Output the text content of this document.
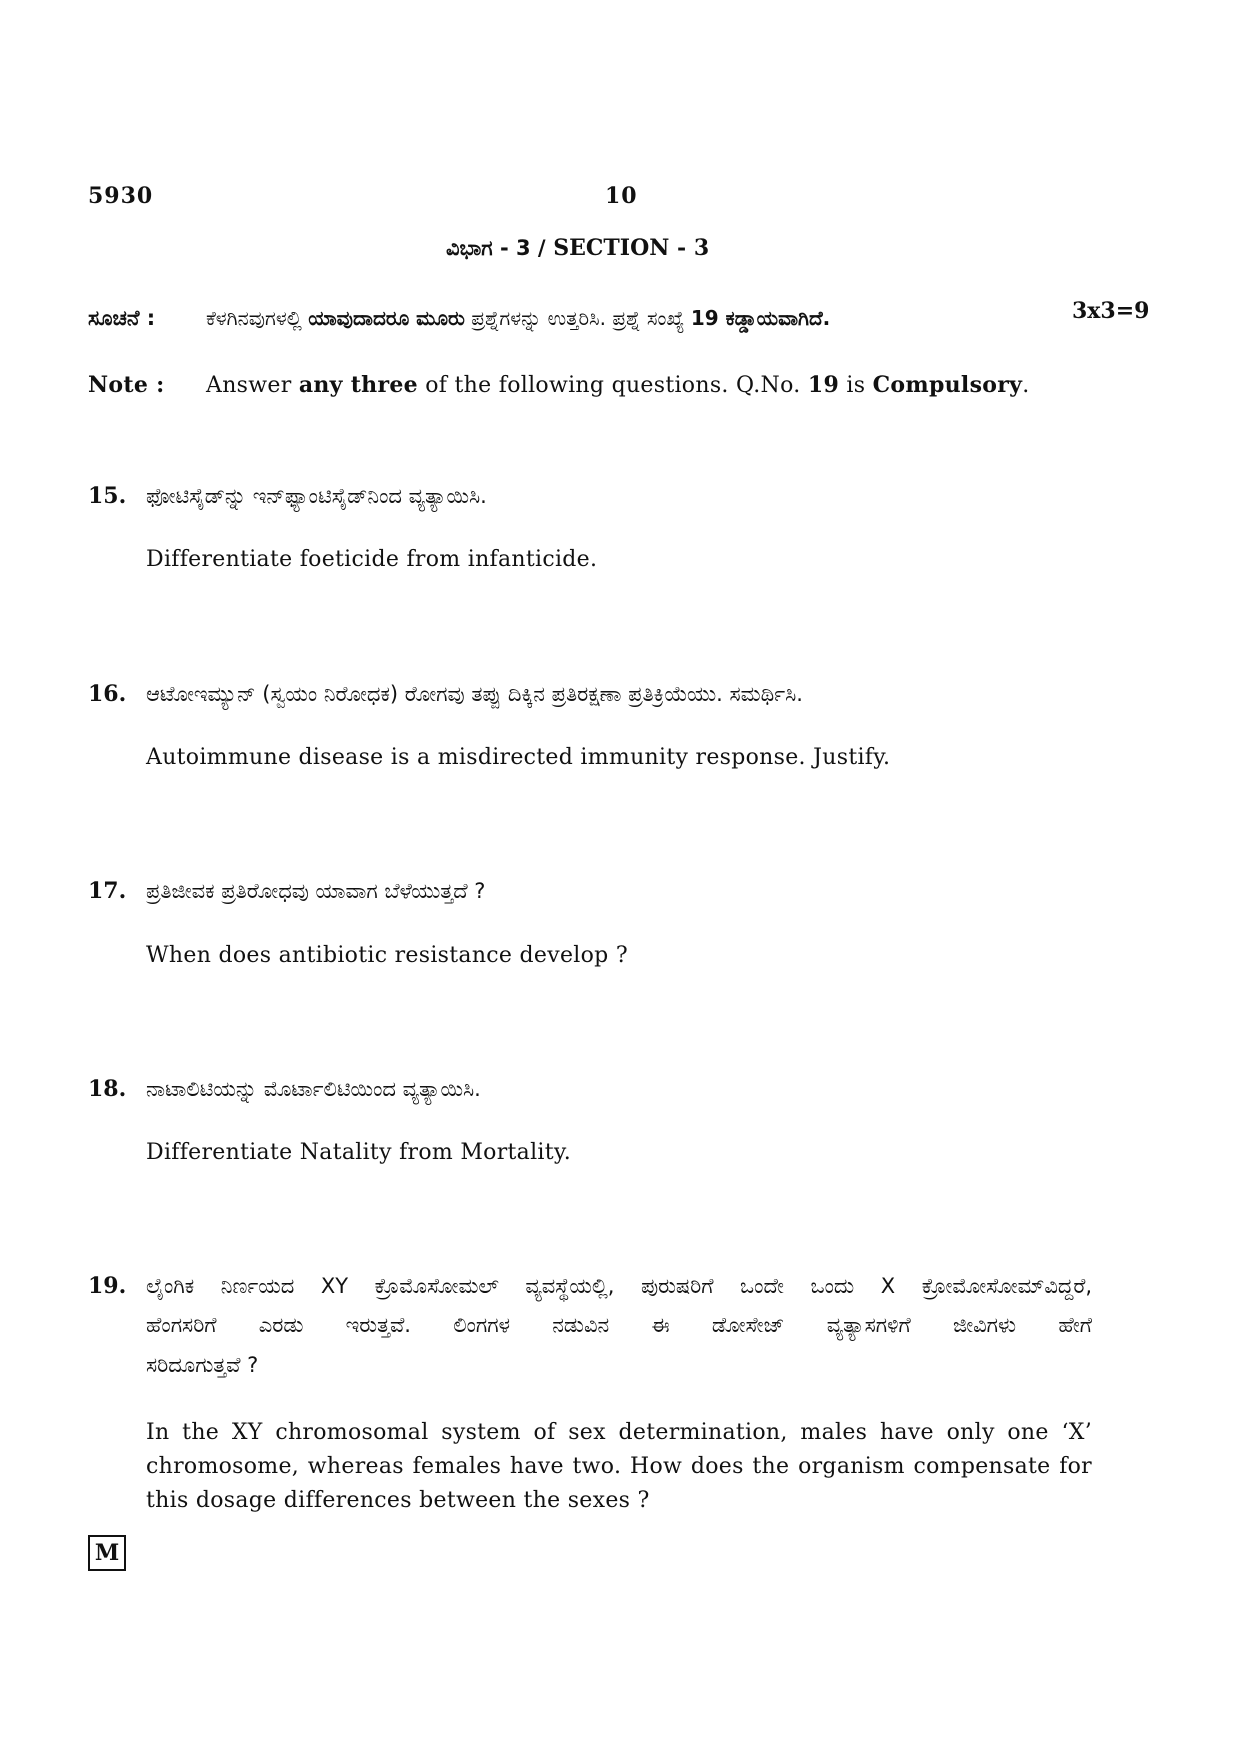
5930	10
ವಿಭಾಗ - 3 / SECTION - 3
ಸೂಚನೆ :	ಕೆಳಗಿನವುಗಳಲ್ಲಿ ಯಾವುದಾದರೂ ಮೂರು ಪ್ರಶ್ನೆಗಳನ್ನು ಉತ್ತರಿಸಿ. ಪ್ರಶ್ನೆ ಸಂಖ್ಯೆ 19 ಕಡ್ಡಾಯವಾಗಿದೆ.	3x3=9
Note : Answer any three of the following questions. Q.No. 19 is Compulsory.
15. ಫೋಟಿಸೈಡ್‌ನ್ನು ಇನ್‌ಫ್ಯಾಂಟಿಸೈಡ್‌ನಿಂದ ವ್ಯತ್ಯಾಯಿಸಿ.
Differentiate foeticide from infanticide.
16. ಆಟೋಇಮ್ಯುನ್ (ಸ್ವಯಂ ನಿರೋಧಕ) ರೋಗವು ತಪ್ಪು ದಿಕ್ಕಿನ ಪ್ರತಿರಕ್ಷಣಾ ಪ್ರತಿಕ್ರಿಯೆಯು. ಸಮರ್ಥಿಸಿ.
Autoimmune disease is a misdirected immunity response. Justify.
17. ಪ್ರತಿಜೀವಕ ಪ್ರತಿರೋಧವು ಯಾವಾಗ ಬೆಳೆಯುತ್ತದೆ ?
When does antibiotic resistance develop ?
18. ನಾಟಾಲಿಟಿಯನ್ನು ಮೊರ್ಟಾಲಿಟಿಯಿಂದ ವ್ಯತ್ಯಾಯಿಸಿ.
Differentiate Natality from Mortality.
19. ಲೈಂಗಿಕ ನಿರ್ಣಯದ XY ಕ್ರೊಮೊಸೋಮಲ್ ವ್ಯವಸ್ಥೆಯಲ್ಲಿ, ಪುರುಷರಿಗೆ ಒಂದೇ ಒಂದು X ಕ್ರೋಮೋಸೋಮ್‌ವಿದ್ದರೆ,
ಹೆಂಗಸರಿಗೆ ಎರಡು ಇರುತ್ತವೆ. ಲಿಂಗಗಳ ನಡುವಿನ ಈ ಡೋಸೇಜ್ ವ್ಯತ್ಯಾಸಗಳಿಗೆ ಜೀವಿಗಳು ಹೇಗೆ
ಸರಿದೂಗುತ್ತವೆ ?
In the XY chromosomal system of sex determination, males have only one ‘X’
chromosome, whereas females have two. How does the organism compensate for
this dosage differences between the sexes ?
M
